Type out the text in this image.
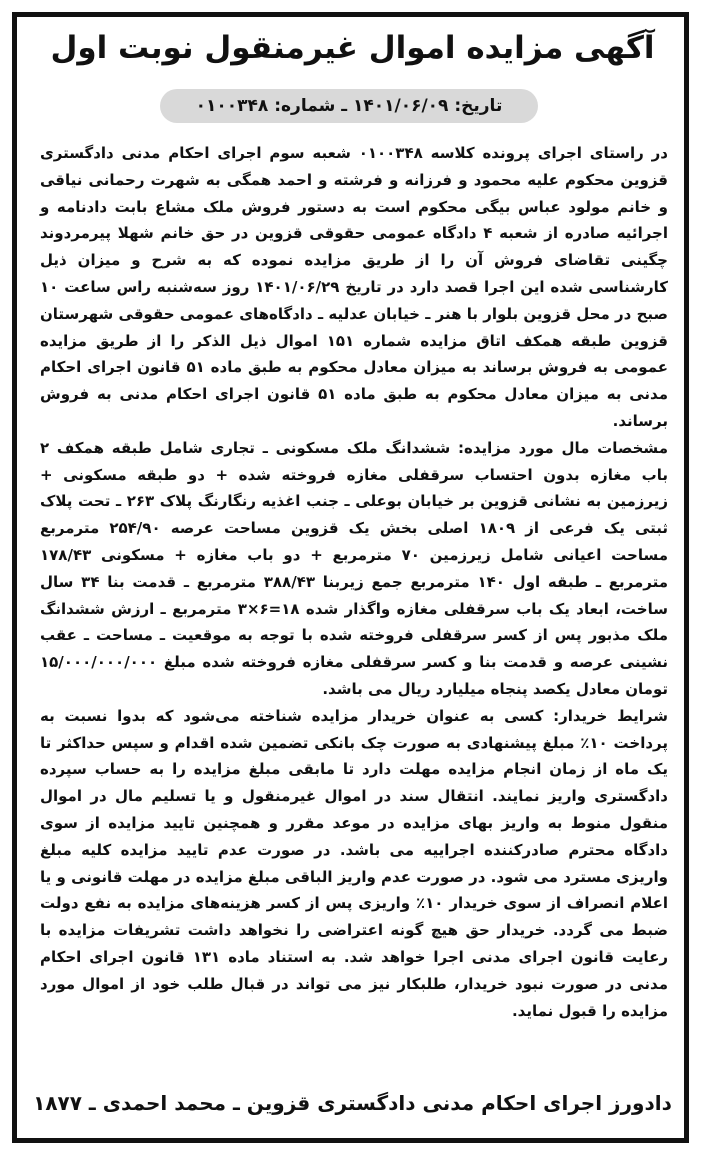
آگهی مزایده اموال غیرمنقول نوبت اول
تاریخ: ۱۴۰۱/۰۶/۰۹ ـ شماره: ۰۱۰۰۳۴۸

در راستای اجرای پرونده کلاسه ۰۱۰۰۳۴۸ شعبه سوم اجرای احکام مدنی دادگستری قزوین محکوم علیه محمود و فرزانه و فرشته و احمد همگی به شهرت رحمانی نیاقی و خانم مولود عباس بیگی محکوم است به دستور فروش ملک مشاع بابت دادنامه و اجرائیه صادره از شعبه ۴ دادگاه عمومی حقوقی قزوین در حق خانم شهلا پیرمردوند چگینی تقاضای فروش آن را از طریق مزایده نموده که به شرح و میزان ذیل کارشناسی شده این اجرا قصد دارد در تاریخ ۱۴۰۱/۰۶/۲۹ روز سه‌شنبه راس ساعت ۱۰ صبح در محل قزوین بلوار با هنر ـ خیابان عدلیه ـ دادگاه‌های عمومی حقوقی شهرستان قزوین طبقه همکف اتاق مزایده شماره ۱۵۱ اموال ذیل الذکر را از طریق مزایده عمومی به فروش برساند به میزان معادل محکوم به طبق ماده ۵۱ قانون اجرای احکام مدنی به میزان معادل محکوم به طبق ماده ۵۱ قانون اجرای احکام مدنی به فروش برساند.

مشخصات مال مورد مزایده: ششدانگ ملک مسکونی ـ تجاری شامل طبقه همکف ۲ باب مغازه بدون احتساب سرقفلی مغازه فروخته شده + دو طبقه مسکونی + زیرزمین به نشانی قزوین بر خیابان بوعلی ـ جنب اغذیه رنگارنگ پلاک ۲۶۳ ـ تحت پلاک ثبتی یک فرعی از ۱۸۰۹ اصلی بخش یک قزوین مساحت عرصه ۲۵۴/۹۰ مترمربع مساحت اعیانی شامل زیرزمین ۷۰ مترمربع + دو باب مغازه + مسکونی ۱۷۸/۴۳ مترمربع ـ طبقه اول ۱۴۰ مترمربع جمع زیربنا ۳۸۸/۴۳ مترمربع ـ قدمت بنا ۳۴ سال ساخت، ابعاد یک باب سرقفلی مغازه واگذار شده ۱۸=۶×۳ مترمربع ـ ارزش ششدانگ ملک مذبور پس از کسر سرقفلی فروخته شده با توجه به موقعیت ـ مساحت ـ عقب نشینی عرصه و قدمت بنا و کسر سرقفلی مغازه فروخته شده مبلغ ۱۵/۰۰۰/۰۰۰/۰۰۰ تومان معادل یکصد پنجاه میلیارد ریال می باشد.

شرایط خریدار: کسی به عنوان خریدار مزایده شناخته می‌شود که بدوا نسبت به پرداخت ۱۰٪ مبلغ پیشنهادی به صورت چک بانکی تضمین شده اقدام و سپس حداکثر تا یک ماه از زمان انجام مزایده مهلت دارد تا مابقی مبلغ مزایده را به حساب سپرده دادگستری واریز نمایند. انتقال سند در اموال غیرمنقول و یا تسلیم مال در اموال منقول منوط به واریز بهای مزایده در موعد مقرر و همچنین تایید مزایده از سوی دادگاه محترم صادرکننده اجراییه می باشد. در صورت عدم تایید مزایده کلیه مبلغ واریزی مسترد می شود. در صورت عدم واریز الباقی مبلغ مزایده در مهلت قانونی و یا اعلام انصراف از سوی خریدار ۱۰٪ واریزی پس از کسر هزینه‌های مزایده به نفع دولت ضبط می گردد. خریدار حق هیچ گونه اعتراضی را نخواهد داشت تشریفات مزایده با رعایت قانون اجرای مدنی اجرا خواهد شد. به استناد ماده ۱۳۱ قانون اجرای احکام مدنی در صورت نبود خریدار، طلبکار نیز می تواند در قبال طلب خود از اموال مورد مزایده را قبول نماید.

دادورز اجرای احکام مدنی دادگستری قزوین ـ محمد احمدی ـ ۱۸۷۷
